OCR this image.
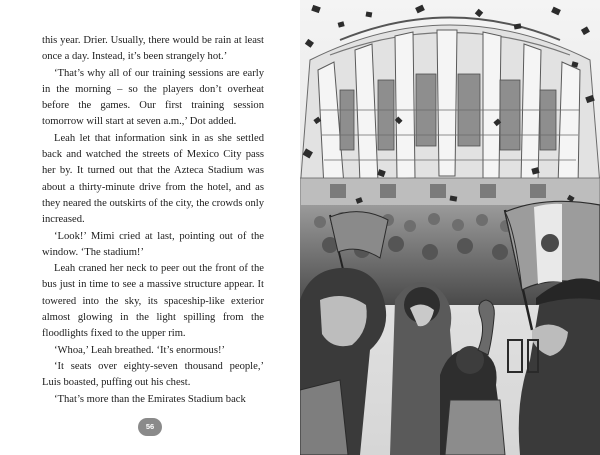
this year. Drier. Usually, there would be rain at least once a day. Instead, it’s been strangely hot.’

‘That’s why all of our training sessions are early in the morning – so the players don’t overheat before the games. Our first training session tomorrow will start at seven a.m.,’ Dot added.

Leah let that information sink in as she settled back and watched the streets of Mexico City pass her by. It turned out that the Azteca Stadium was about a thirty-minute drive from the hotel, and as they neared the outskirts of the city, the crowds only increased.

‘Look!’ Mimi cried at last, pointing out of the window. ‘The stadium!’

Leah craned her neck to peer out the front of the bus just in time to see a massive structure appear. It towered into the sky, its spaceship-like exterior almost glowing in the light spilling from the floodlights fixed to the upper rim.

‘Whoa,’ Leah breathed. ‘It’s enormous!’

‘It seats over eighty-seven thousand people,’ Luis boasted, puffing out his chest.

‘That’s more than the Emirates Stadium back

56
